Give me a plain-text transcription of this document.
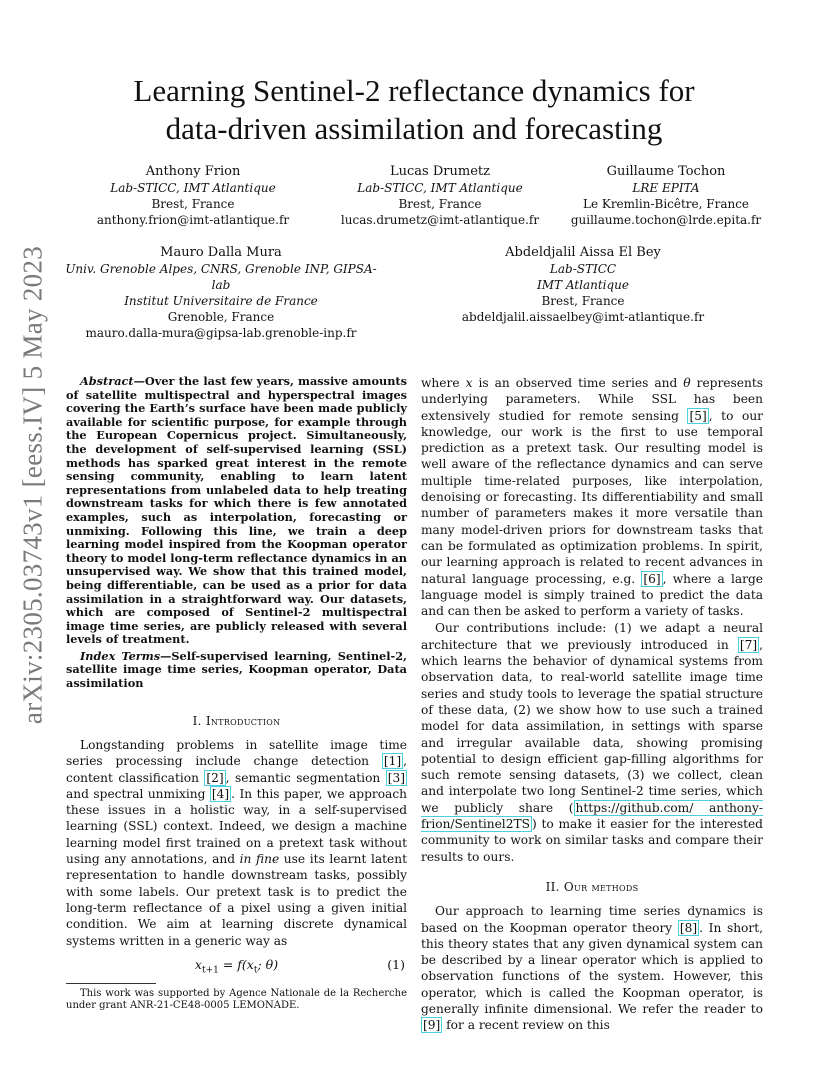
arXiv:2305.03743v1 [eess.IV] 5 May 2023
Learning Sentinel-2 reflectance dynamics for
data-driven assimilation and forecasting
Anthony Frion
Lab-STICC, IMT Atlantique
Brest, France
anthony.frion@imt-atlantique.fr
Lucas Drumetz
Lab-STICC, IMT Atlantique
Brest, France
lucas.drumetz@imt-atlantique.fr
Guillaume Tochon
LRE EPITA
Le Kremlin-Bicêtre, France
guillaume.tochon@lrde.epita.fr
Mauro Dalla Mura
Univ. Grenoble Alpes, CNRS, Grenoble INP, GIPSA-lab
Institut Universitaire de France
Grenoble, France
mauro.dalla-mura@gipsa-lab.grenoble-inp.fr
Abdeldjalil Aissa El Bey
Lab-STICC
IMT Atlantique
Brest, France
abdeldjalil.aissaelbey@imt-atlantique.fr

Abstract—Over the last few years, massive amounts of satellite multispectral and hyperspectral images covering the Earth’s surface have been made publicly available for scientific purpose, for example through the European Copernicus project. Simultaneously, the development of self-supervised learning (SSL) methods has sparked great interest in the remote sensing community, enabling to learn latent representations from unlabeled data to help treating downstream tasks for which there is few annotated examples, such as interpolation, forecasting or unmixing. Following this line, we train a deep learning model inspired from the Koopman operator theory to model long-term reflectance dynamics in an unsupervised way. We show that this trained model, being differentiable, can be used as a prior for data assimilation in a straightforward way. Our datasets, which are composed of Sentinel-2 multispectral image time series, are publicly released with several levels of treatment.

Index Terms—Self-supervised learning, Sentinel-2, satellite image time series, Koopman operator, Data assimilation

I. Introduction

Longstanding problems in satellite image time series processing include change detection [1] , content classification [2] , semantic segmentation [3] and spectral unmixing [4] . In this paper, we approach these issues in a holistic way, in a self-supervised learning (SSL) context. Indeed, we design a machine learning model first trained on a pretext task without using any annotations, and in fine use its learnt latent representation to handle downstream tasks, possibly with some labels. Our pretext task is to predict the long-term reflectance of a pixel using a given initial condition. We aim at learning discrete dynamical systems written in a generic way as

$x_{t+1} = f(x_t$; θ)	(1)

This work was supported by Agence Nationale de la Recherche under grant ANR-21-CE48-0005 LEMONADE.

where x is an observed time series and θ represents underlying parameters. While SSL has been extensively studied for remote sensing [5] , to our knowledge, our work is the first to use temporal prediction as a pretext task. Our resulting model is well aware of the reflectance dynamics and can serve multiple time-related purposes, like interpolation, denoising or forecasting. Its differentiability and small number of parameters makes it more versatile than many model-driven priors for downstream tasks that can be formulated as optimization problems. In spirit, our learning approach is related to recent advances in natural language processing, e.g. [6] , where a large language model is simply trained to predict the data and can then be asked to perform a variety of tasks.

Our contributions include: (1) we adapt a neural architecture that we previously introduced in [7] , which learns the behavior of dynamical systems from observation data, to real-world satellite image time series and study tools to leverage the spatial structure of these data, (2) we show how to use such a trained model for data assimilation, in settings with sparse and irregular available data, showing promising potential to design efficient gap-filling algorithms for such remote sensing datasets, (3) we collect, clean and interpolate two long Sentinel-2 time series, which we publicly share ( https://github.com/ anthony-frion/Sentinel2TS ) to make it easier for the interested community to work on similar tasks and compare their results to ours.

II. Our methods

Our approach to learning time series dynamics is based on the Koopman operator theory [8] . In short, this theory states that any given dynamical system can be described by a linear operator which is applied to observation functions of the system. However, this operator, which is called the Koopman operator, is generally infinite dimensional. We refer the reader to [9] for a recent review on this
